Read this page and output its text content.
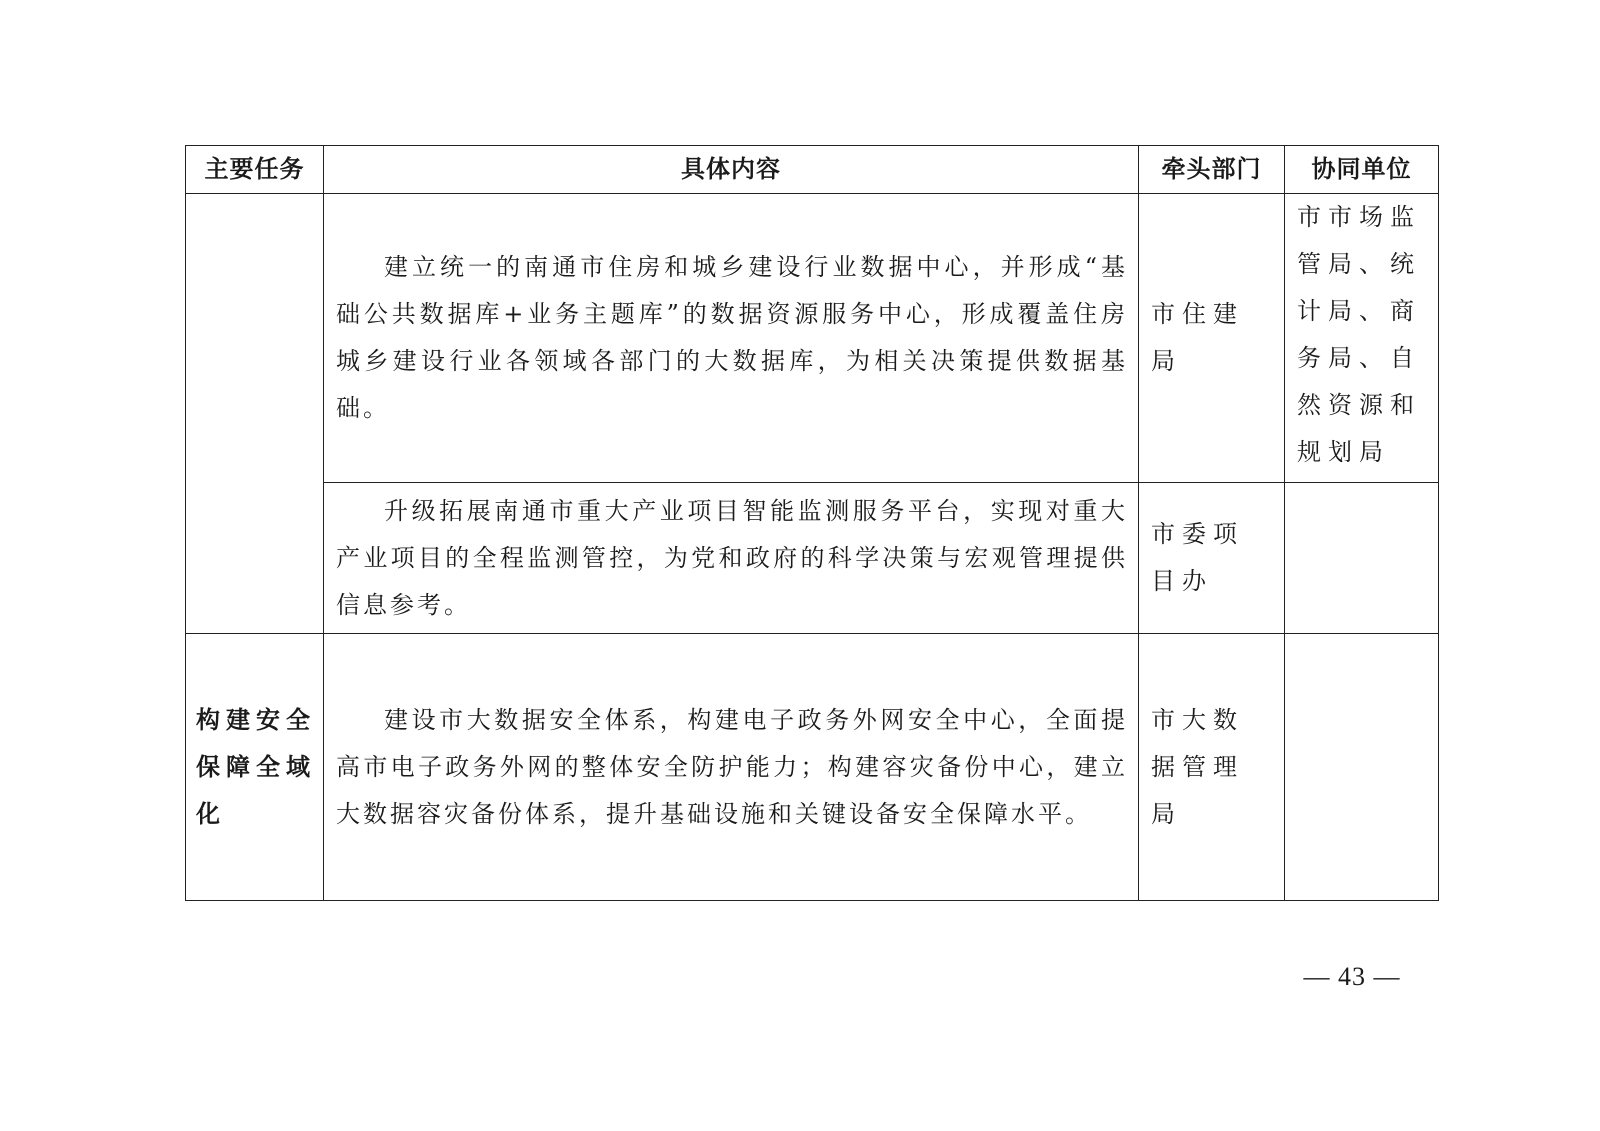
主要任务	具体内容	牵头部门	协同单位

	建立统一的南通市住房和城乡建设行业数据中心，并形成“基础公共数据库+业务主题库”的数据资源服务中心，形成覆盖住房城乡建设行业各领域各部门的大数据库，为相关决策提供数据基础。	市住建局	市市场监管局、统计局、商务局、自然资源和规划局

	升级拓展南通市重大产业项目智能监测服务平台，实现对重大产业项目的全程监测管控，为党和政府的科学决策与宏观管理提供信息参考。	市委项目办	
构建安全保障全域化	建设市大数据安全体系，构建电子政务外网安全中心，全面提高市电子政务外网的整体安全防护能力；构建容灾备份中心，建立大数据容灾备份体系，提升基础设施和关键设备安全保障水平。	市大数据管理局	
— 43 —
